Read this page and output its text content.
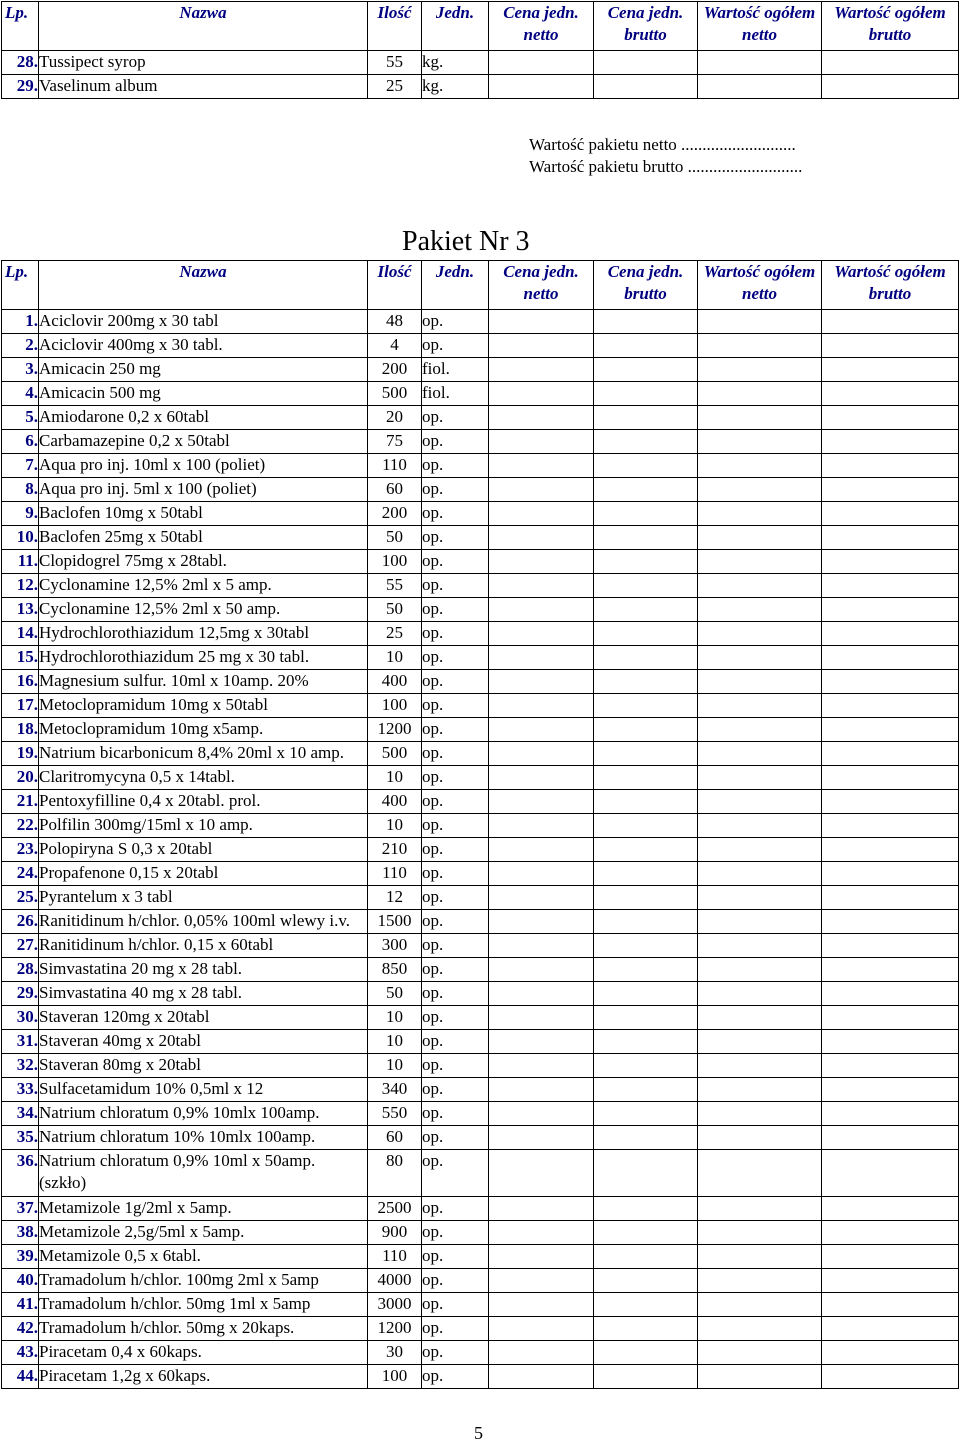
Lp.	Nazwa	Ilość	Jedn.	Cena jedn. netto	Cena jedn. brutto	Wartość ogółem netto	Wartość ogółem brutto
28.	Tussipect syrop	55	kg.				
29.	Vaselinum album	25	kg.				
Wartość pakietu netto ...........................
Wartość pakietu brutto ...........................
Pakiet Nr 3
Lp.	Nazwa	Ilość	Jedn.	Cena jedn. netto	Cena jedn. brutto	Wartość ogółem netto	Wartość ogółem brutto
1.	Aciclovir 200mg x 30 tabl	48	op.				
2.	Aciclovir 400mg x 30 tabl.	4	op.				
3.	Amicacin 250 mg	200	fiol.				
4.	Amicacin 500 mg	500	fiol.				
5.	Amiodarone 0,2 x 60tabl	20	op.				
6.	Carbamazepine 0,2 x 50tabl	75	op.				
7.	Aqua pro inj. 10ml x 100 (poliet)	110	op.				
8.	Aqua pro inj. 5ml x 100 (poliet)	60	op.				
9.	Baclofen 10mg x 50tabl	200	op.				
10.	Baclofen 25mg x 50tabl	50	op.				
11.	Clopidogrel 75mg x 28tabl.	100	op.				
12.	Cyclonamine 12,5% 2ml x 5 amp.	55	op.				
13.	Cyclonamine 12,5% 2ml x 50 amp.	50	op.				
14.	Hydrochlorothiazidum 12,5mg x 30tabl	25	op.				
15.	Hydrochlorothiazidum 25 mg x 30 tabl.	10	op.				
16.	Magnesium sulfur. 10ml x 10amp. 20%	400	op.				
17.	Metoclopramidum 10mg x 50tabl	100	op.				
18.	Metoclopramidum 10mg x5amp.	1200	op.				
19.	Natrium bicarbonicum 8,4% 20ml x 10 amp.	500	op.				
20.	Claritromycyna 0,5 x 14tabl.	10	op.				
21.	Pentoxyfilline 0,4 x 20tabl. prol.	400	op.				
22.	Polfilin 300mg/15ml x 10 amp.	10	op.				
23.	Polopiryna S 0,3 x 20tabl	210	op.				
24.	Propafenone 0,15 x 20tabl	110	op.				
25.	Pyrantelum x 3 tabl	12	op.				
26.	Ranitidinum h/chlor. 0,05% 100ml wlewy i.v.	1500	op.				
27.	Ranitidinum h/chlor. 0,15 x 60tabl	300	op.				
28.	Simvastatina 20 mg x 28 tabl.	850	op.				
29.	Simvastatina 40 mg x 28 tabl.	50	op.				
30.	Staveran 120mg x 20tabl	10	op.				
31.	Staveran 40mg x 20tabl	10	op.				
32.	Staveran 80mg x 20tabl	10	op.				
33.	Sulfacetamidum 10% 0,5ml x 12	340	op.				
34.	Natrium chloratum 0,9% 10mlx 100amp.	550	op.				
35.	Natrium chloratum 10% 10mlx 100amp.	60	op.				
36.	Natrium chloratum 0,9% 10ml x 50amp.
(szkło)	80	op.				
37.	Metamizole 1g/2ml x 5amp.	2500	op.				
38.	Metamizole 2,5g/5ml x 5amp.	900	op.				
39.	Metamizole 0,5 x 6tabl.	110	op.				
40.	Tramadolum h/chlor. 100mg 2ml x 5amp	4000	op.				
41.	Tramadolum h/chlor. 50mg 1ml x 5amp	3000	op.				
42.	Tramadolum h/chlor. 50mg x 20kaps.	1200	op.				
43.	Piracetam 0,4 x 60kaps.	30	op.				
44.	Piracetam 1,2g x 60kaps.	100	op.				
5
